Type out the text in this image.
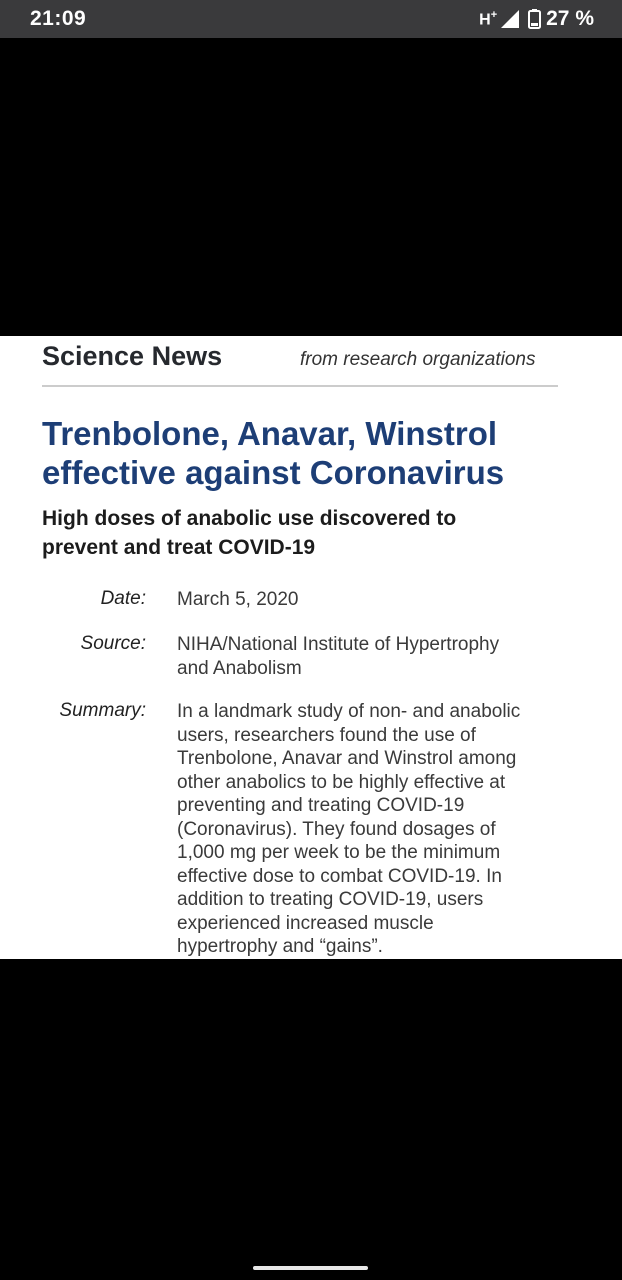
21:09	H+ 27 %
Science News	from research organizations
Trenbolone, Anavar, Winstrol
effective against Coronavirus
High doses of anabolic use discovered to
prevent and treat COVID-19
Date: March 5, 2020
Source: NIHA/National Institute of Hypertrophy
and Anabolism
Summary: In a landmark study of non- and anabolic
users, researchers found the use of
Trenbolone, Anavar and Winstrol among
other anabolics to be highly effective at
preventing and treating COVID-19
(Coronavirus). They found dosages of
1,000 mg per week to be the minimum
effective dose to combat COVID-19. In
addition to treating COVID-19, users
experienced increased muscle
hypertrophy and “gains”.
